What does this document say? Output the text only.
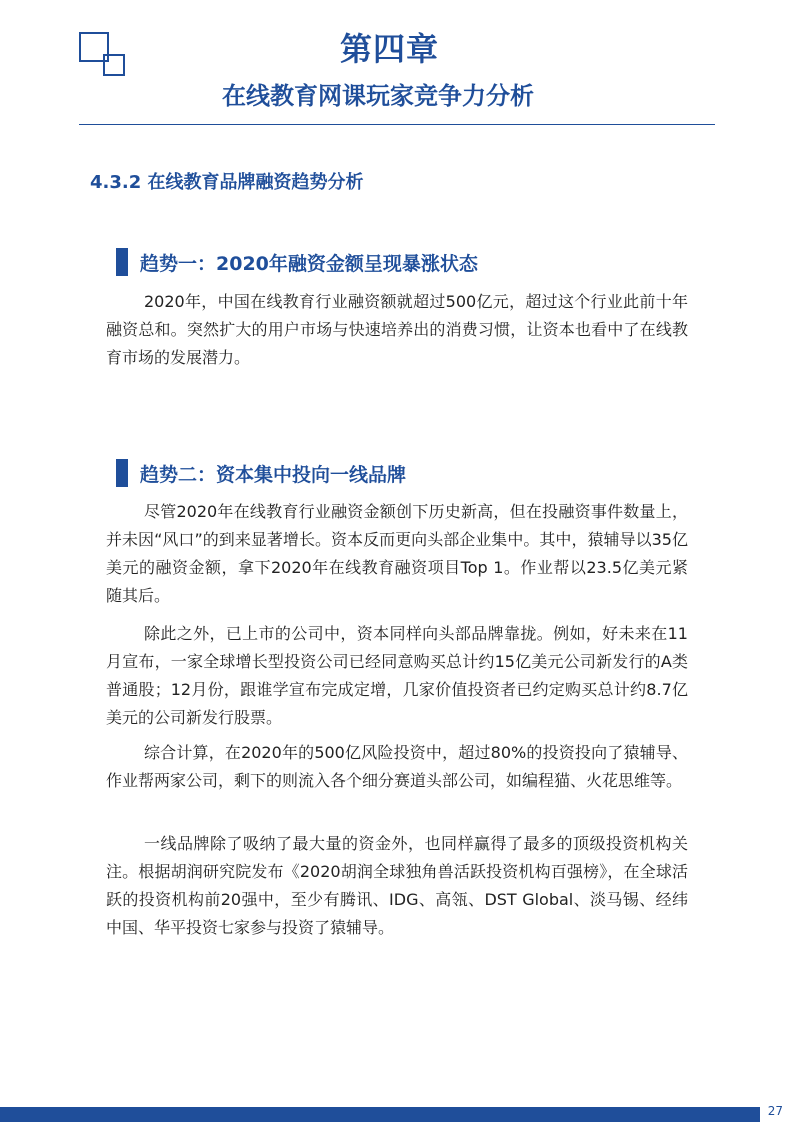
第四章
在线教育网课玩家竞争力分析
4.3.2 在线教育品牌融资趋势分析
趋势一：2020年融资金额呈现暴涨状态

2020年，中国在线教育行业融资额就超过500亿元，超过这个行业此前十年融资总和。突然扩大的用户市场与快速培养出的消费习惯，让资本也看中了在线教育市场的发展潜力。

趋势二：资本集中投向一线品牌

尽管2020年在线教育行业融资金额创下历史新高，但在投融资事件数量上，并未因“风口”的到来显著增长。资本反而更向头部企业集中。其中，猿辅导以35亿美元的融资金额，拿下2020年在线教育融资项目Top 1。作业帮以23.5亿美元紧随其后。

除此之外，已上市的公司中，资本同样向头部品牌靠拢。例如，好未来在11月宣布，一家全球增长型投资公司已经同意购买总计约15亿美元公司新发行的A类普通股；12月份，跟谁学宣布完成定增，几家价值投资者已约定购买总计约8.7亿美元的公司新发行股票。

综合计算，在2020年的500亿风险投资中，超过80%的投资投向了猿辅导、作业帮两家公司，剩下的则流入各个细分赛道头部公司，如编程猫、火花思维等。

一线品牌除了吸纳了最大量的资金外，也同样赢得了最多的顶级投资机构关注。根据胡润研究院发布《2020胡润全球独角兽活跃投资机构百强榜》，在全球活跃的投资机构前20强中，至少有腾讯、IDG、高瓴、DST Global、淡马锡、经纬中国、华平投资七家参与投资了猿辅导。

27
